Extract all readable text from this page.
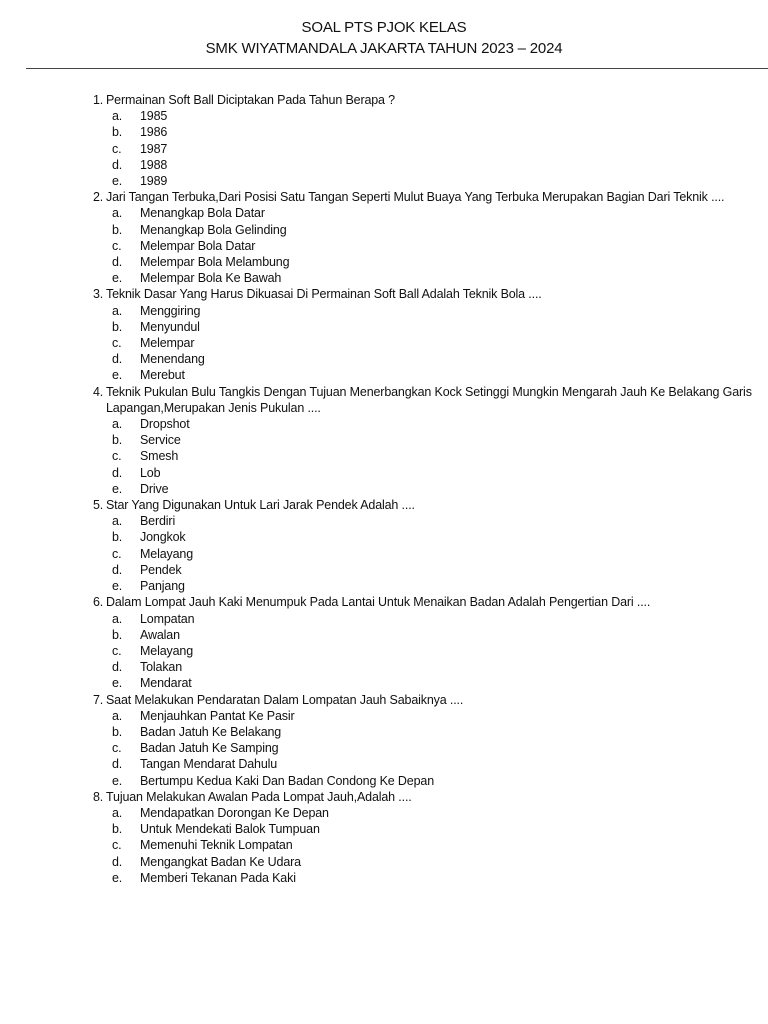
SOAL PTS PJOK KELAS
SMK WIYATMANDALA JAKARTA TAHUN 2023 – 2024
1. Permainan Soft Ball Diciptakan Pada Tahun Berapa ?
a.	1985
b.	1986
c.	1987
d.	1988
e.	1989
2. Jari Tangan Terbuka,Dari Posisi Satu Tangan Seperti Mulut Buaya Yang Terbuka Merupakan Bagian Dari Teknik ....
a.	Menangkap Bola Datar
b.	Menangkap Bola Gelinding
c.	Melempar Bola Datar
d.	Melempar Bola Melambung
e.	Melempar Bola Ke Bawah
3. Teknik Dasar Yang Harus Dikuasai Di Permainan Soft Ball Adalah Teknik Bola ....
a.	Menggiring
b.	Menyundul
c.	Melempar
d.	Menendang
e.	Merebut
4. Teknik Pukulan Bulu Tangkis Dengan Tujuan Menerbangkan Kock Setinggi Mungkin Mengarah Jauh Ke Belakang Garis Lapangan,Merupakan Jenis Pukulan ....
a.	Dropshot
b.	Service
c.	Smesh
d.	Lob
e.	Drive
5. Star Yang Digunakan Untuk Lari Jarak Pendek Adalah ....
a.	Berdiri
b.	Jongkok
c.	Melayang
d.	Pendek
e.	Panjang
6. Dalam Lompat Jauh Kaki Menumpuk Pada Lantai Untuk Menaikan Badan Adalah Pengertian Dari ....
a.	Lompatan
b.	Awalan
c.	Melayang
d.	Tolakan
e.	Mendarat
7. Saat Melakukan Pendaratan Dalam Lompatan Jauh Sabaiknya ....
a.	Menjauhkan Pantat Ke Pasir
b.	Badan Jatuh Ke Belakang
c.	Badan Jatuh Ke Samping
d.	Tangan Mendarat Dahulu
e.	Bertumpu Kedua Kaki Dan Badan Condong Ke Depan
8. Tujuan Melakukan Awalan Pada Lompat Jauh,Adalah ....
a.	Mendapatkan Dorongan Ke Depan
b.	Untuk Mendekati Balok Tumpuan
c.	Memenuhi Teknik Lompatan
d.	Mengangkat Badan Ke Udara
e.	Memberi Tekanan Pada Kaki
